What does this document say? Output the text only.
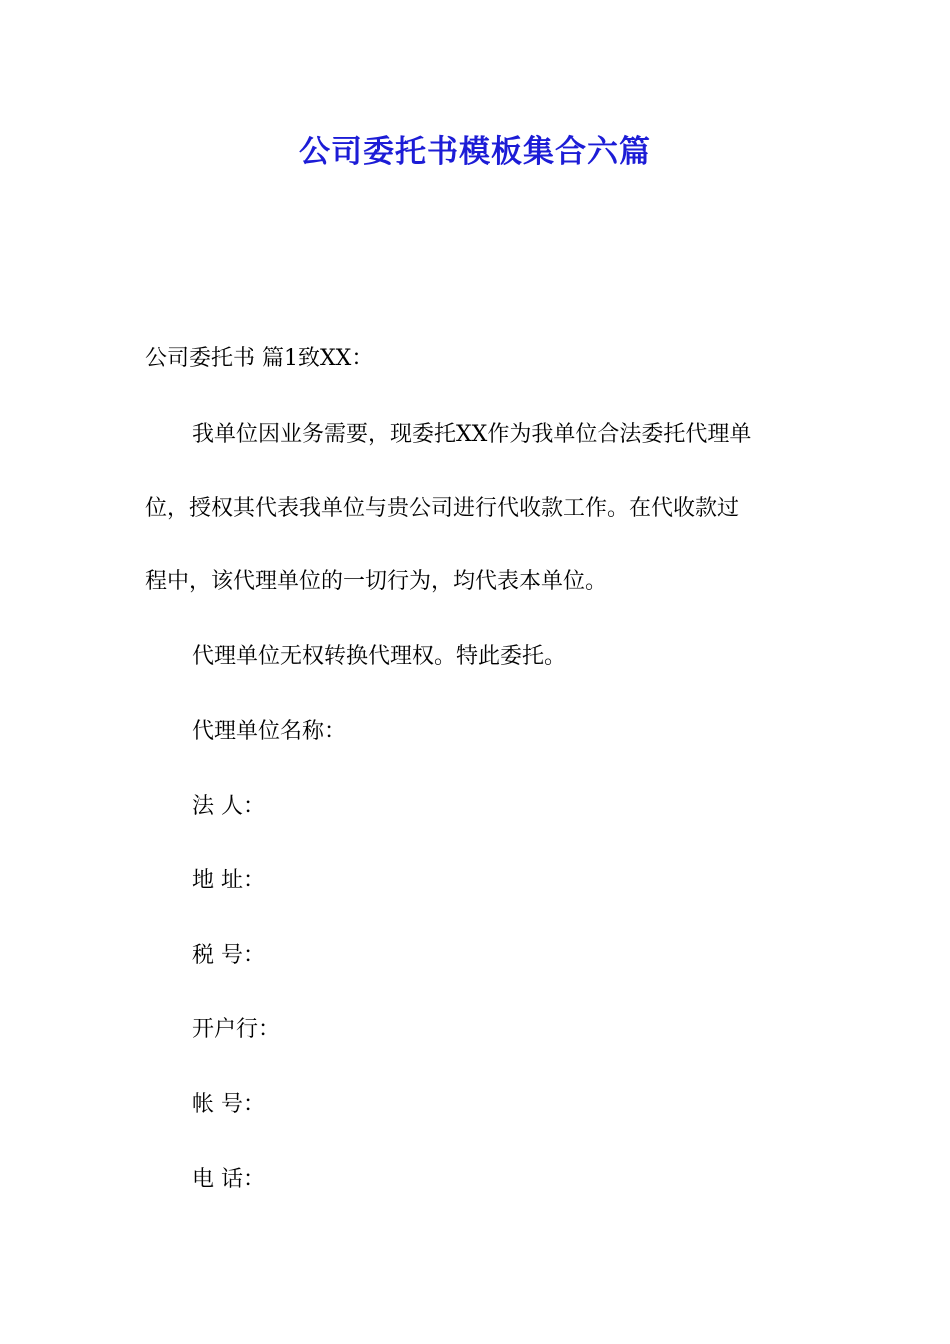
公司委托书模板集合六篇

公司委托书 篇1致XX：

我单位因业务需要，现委托XX作为我单位合法委托代理单

位，授权其代表我单位与贵公司进行代收款工作。在代收款过

程中，该代理单位的一切行为，均代表本单位。

代理单位无权转换代理权。特此委托。

代理单位名称：

法 人：

地 址：

税 号：

开户行：

帐 号：

电 话：
